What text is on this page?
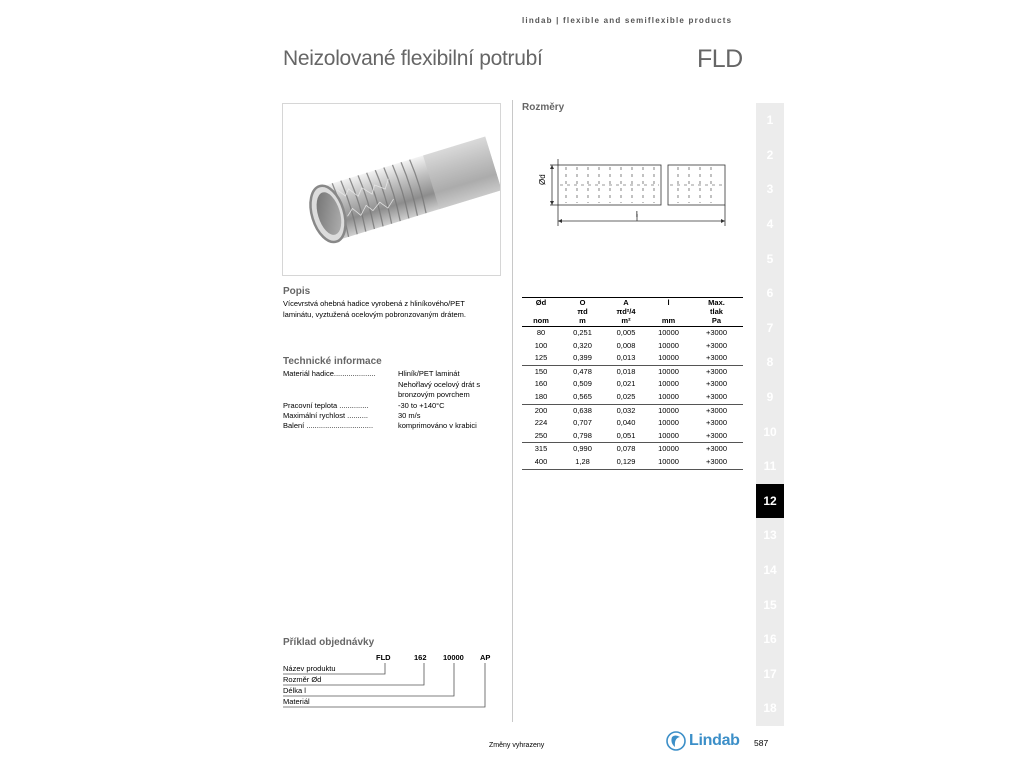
lindab | flexible and semiflexible products
Neizolované flexibilní potrubí	FLD
Popis
Vícevrstvá ohebná hadice vyrobená z hliníkového/PET
laminátu, vyztužená ocelovým pobronzovaným drátem.
Technické informace
Materiál hadice....................	Hliník/PET laminát
Nehořlavý ocelový drát s
bronzovým povrchem
Pracovní teplota ..............	-30 to +140°C
Maximální rychlost ..........	30 m/s
Balení ................................	komprimováno v krabici
Příklad objednávky
FLD	162 10000 AP
Název produktu
Rozměr Ød
Délka l
Materiál
Rozměry
Ød
l
Ød	O	A	l	Max.
	πd	πd²/4		tlak
nom	m	m²	mm	Pa
80	0,251	0,005	10000	+3000
100	0,320	0,008	10000	+3000
125	0,399	0,013	10000	+3000
150	0,478	0,018	10000	+3000
160	0,509	0,021	10000	+3000
180	0,565	0,025	10000	+3000
200	0,638	0,032	10000	+3000
224	0,707	0,040	10000	+3000
250	0,798	0,051	10000	+3000
315	0,990	0,078	10000	+3000
400	1,28	0,129	10000	+3000
1
2
3
4
5
6
7
8
9
10
11
12
13
14
15
16
17
18
Změny vyhrazeny	Lindab 587
